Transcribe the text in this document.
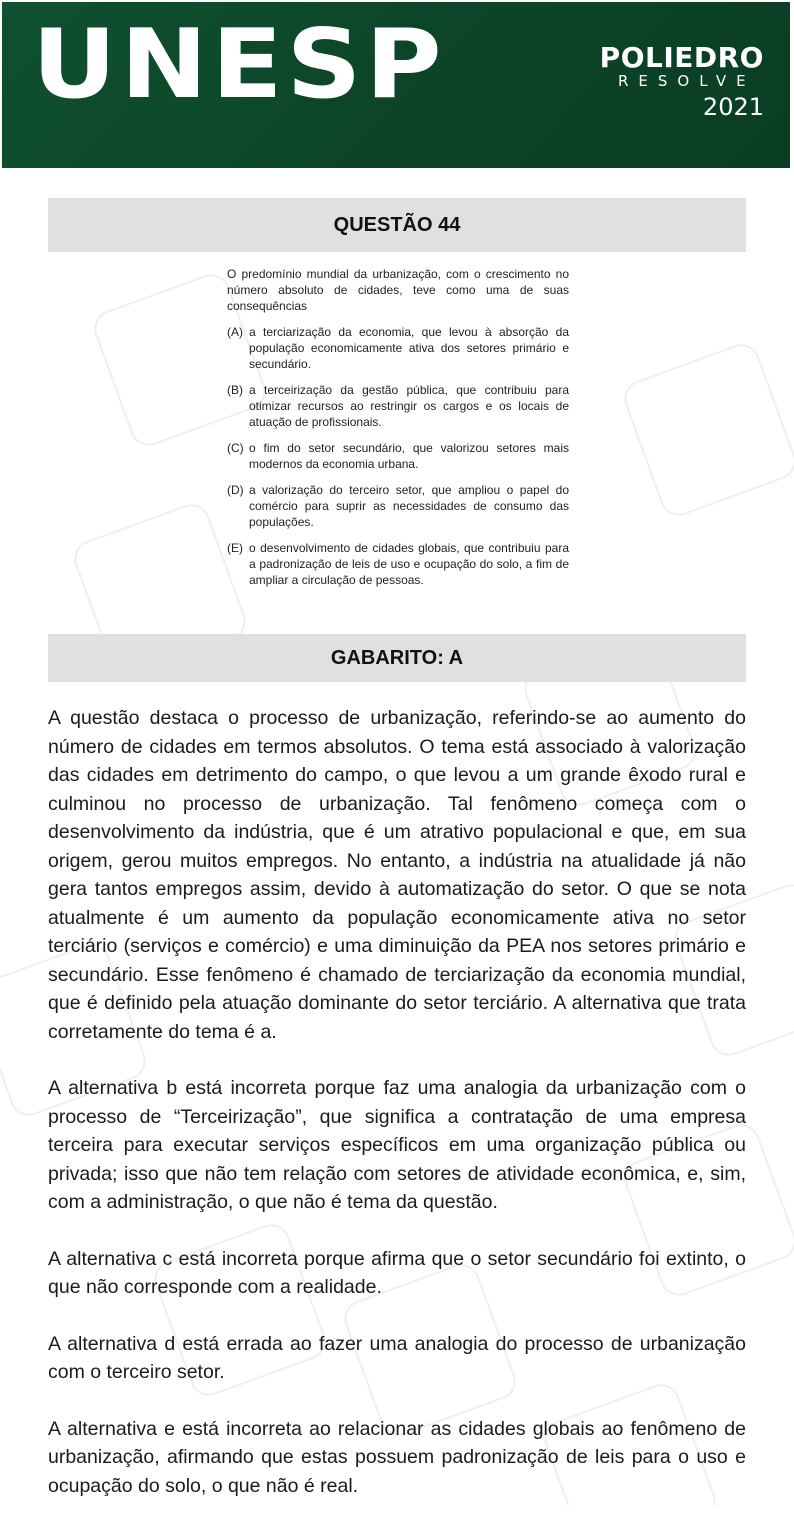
UNESP	POLIEDRO
RESOLVE
2021
QUESTÃO 44

O predomínio mundial da urbanização, com o crescimento no número absoluto de cidades, teve como uma de suas consequências

(A) a terciarização da economia, que levou à absorção da população economicamente ativa dos setores primário e secundário.
(B) a terceirização da gestão pública, que contribuiu para otimizar recursos ao restringir os cargos e os locais de atuação de profissionais.
(C) o fim do setor secundário, que valorizou setores mais modernos da economia urbana.
(D) a valorização do terceiro setor, que ampliou o papel do comércio para suprir as necessidades de consumo das populações.
(E) o desenvolvimento de cidades globais, que contribuiu para a padronização de leis de uso e ocupação do solo, a fim de ampliar a circulação de pessoas.
GABARITO: A

A questão destaca o processo de urbanização, referindo-se ao aumento do número de cidades em termos absolutos. O tema está associado à valorização das cidades em detrimento do campo, o que levou a um grande êxodo rural e culminou no processo de urbanização. Tal fenômeno começa com o desenvolvimento da indústria, que é um atrativo populacional e que, em sua origem, gerou muitos empregos. No entanto, a indústria na atualidade já não gera tantos empregos assim, devido à automatização do setor. O que se nota atualmente é um aumento da população economicamente ativa no setor terciário (serviços e comércio) e uma diminuição da PEA nos setores primário e secundário. Esse fenômeno é chamado de terciarização da economia mundial, que é definido pela atuação dominante do setor terciário. A alternativa que trata corretamente do tema é a.

A alternativa b está incorreta porque faz uma analogia da urbanização com o processo de “Terceirização”, que significa a contratação de uma empresa terceira para executar serviços específicos em uma organização pública ou privada; isso que não tem relação com setores de atividade econômica, e, sim, com a administração, o que não é tema da questão.

A alternativa c está incorreta porque afirma que o setor secundário foi extinto, o que não corresponde com a realidade.

A alternativa d está errada ao fazer uma analogia do processo de urbanização com o terceiro setor.

A alternativa e está incorreta ao relacionar as cidades globais ao fenômeno de urbanização, afirmando que estas possuem padronização de leis para o uso e ocupação do solo, o que não é real.
